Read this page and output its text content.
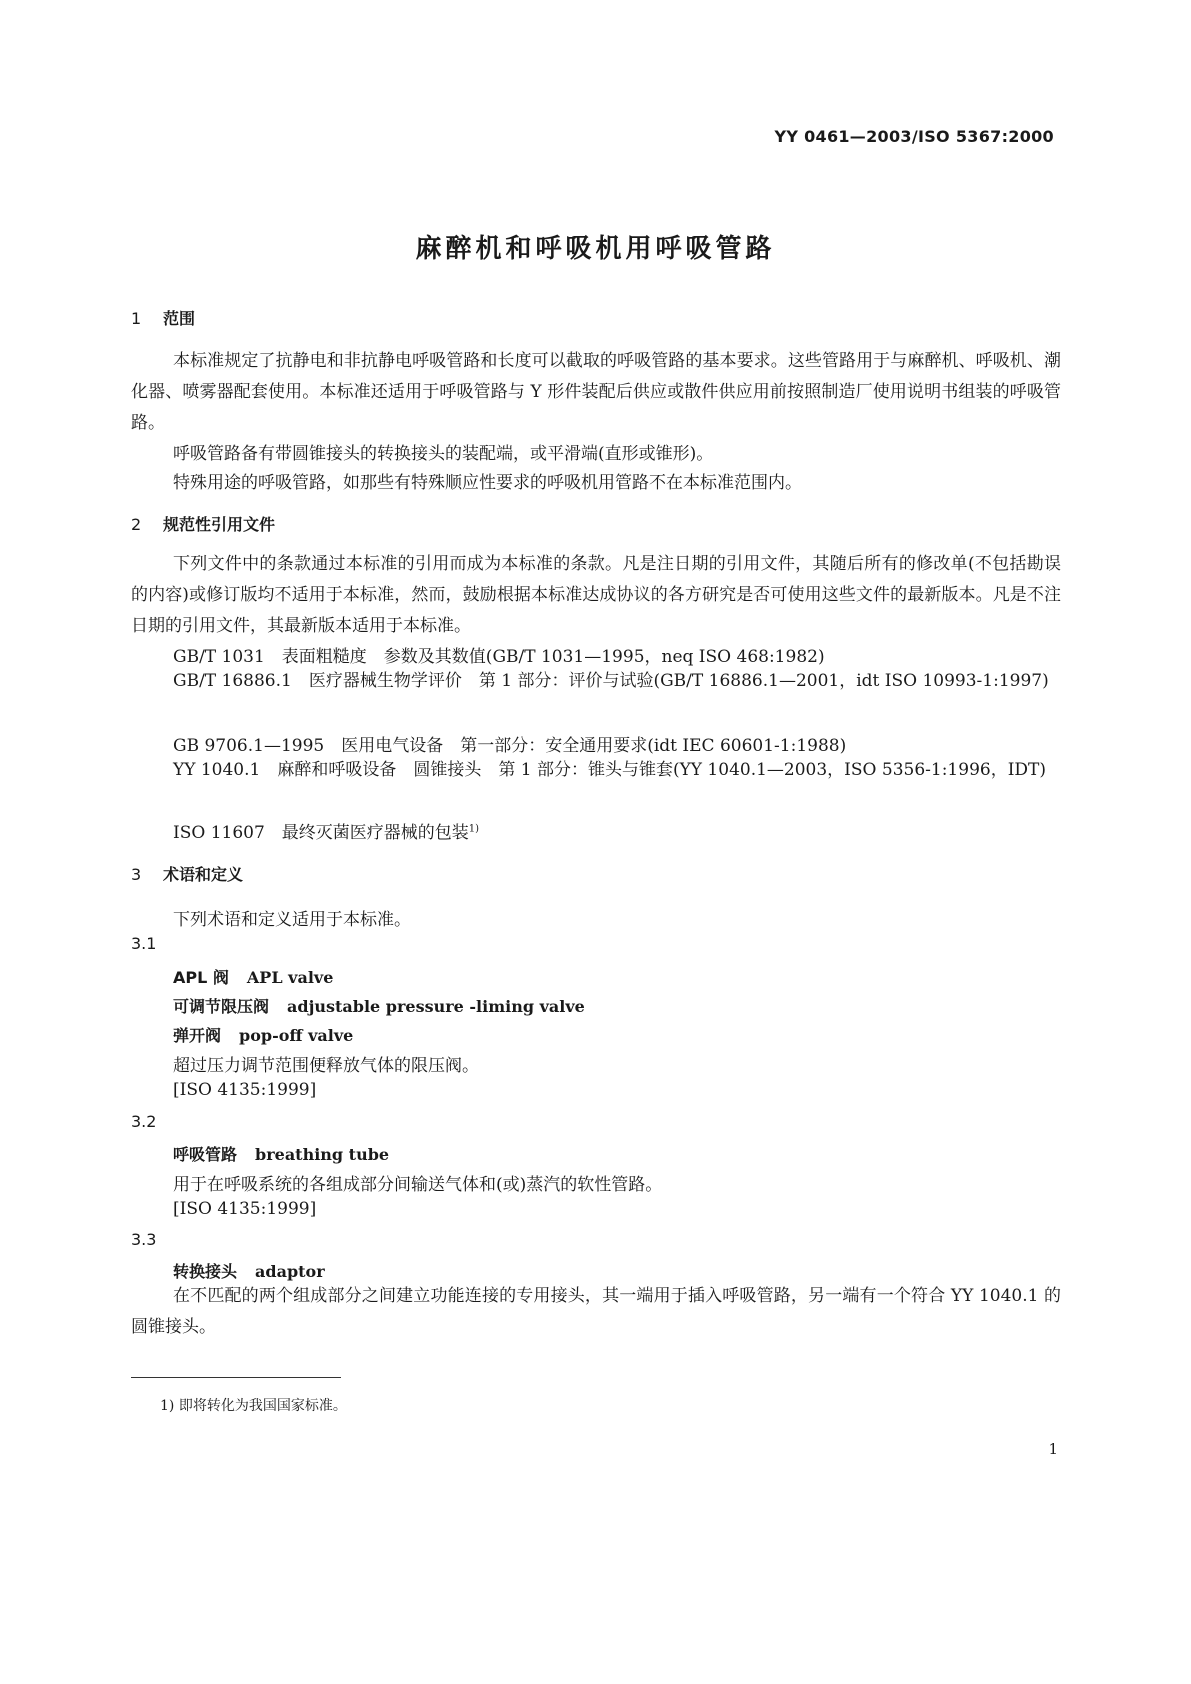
YY 0461—2003/ISO 5367:2000
麻醉机和呼吸机用呼吸管路
1 范围
本标准规定了抗静电和非抗静电呼吸管路和长度可以截取的呼吸管路的基本要求。这些管路用于与麻醉机、呼吸机、潮化器、喷雾器配套使用。本标准还适用于呼吸管路与 Y 形件装配后供应或散件供应用前按照制造厂使用说明书组装的呼吸管路。
呼吸管路备有带圆锥接头的转换接头的装配端，或平滑端(直形或锥形)。
特殊用途的呼吸管路，如那些有特殊顺应性要求的呼吸机用管路不在本标准范围内。
2 规范性引用文件
下列文件中的条款通过本标准的引用而成为本标准的条款。凡是注日期的引用文件，其随后所有的修改单(不包括勘误的内容)或修订版均不适用于本标准，然而，鼓励根据本标准达成协议的各方研究是否可使用这些文件的最新版本。凡是不注日期的引用文件，其最新版本适用于本标准。
GB/T 1031　表面粗糙度　参数及其数值(GB/T 1031—1995，neq ISO 468:1982)
GB/T 16886.1　医疗器械生物学评价　第 1 部分：评价与试验(GB/T 16886.1—2001，idt ISO 10993-1:1997)
GB 9706.1—1995　医用电气设备　第一部分：安全通用要求(idt IEC 60601-1:1988)
YY 1040.1　麻醉和呼吸设备　圆锥接头　第 1 部分：锥头与锥套(YY 1040.1—2003，ISO 5356-1:1996，IDT)
ISO 11607　最终灭菌医疗器械的包装$^{1)}$
3 术语和定义
下列术语和定义适用于本标准。
3.1
APL 阀 APL valve
可调节限压阀 adjustable pressure -liming valve
弹开阀 pop-off valve
超过压力调节范围便释放气体的限压阀。
[ISO 4135:1999]
3.2
呼吸管路 breathing tube
用于在呼吸系统的各组成部分间输送气体和(或)蒸汽的软性管路。
[ISO 4135:1999]
3.3
转换接头 adaptor
在不匹配的两个组成部分之间建立功能连接的专用接头，其一端用于插入呼吸管路，另一端有一个符合 YY 1040.1 的圆锥接头。
1) 即将转化为我国国家标准。
1
